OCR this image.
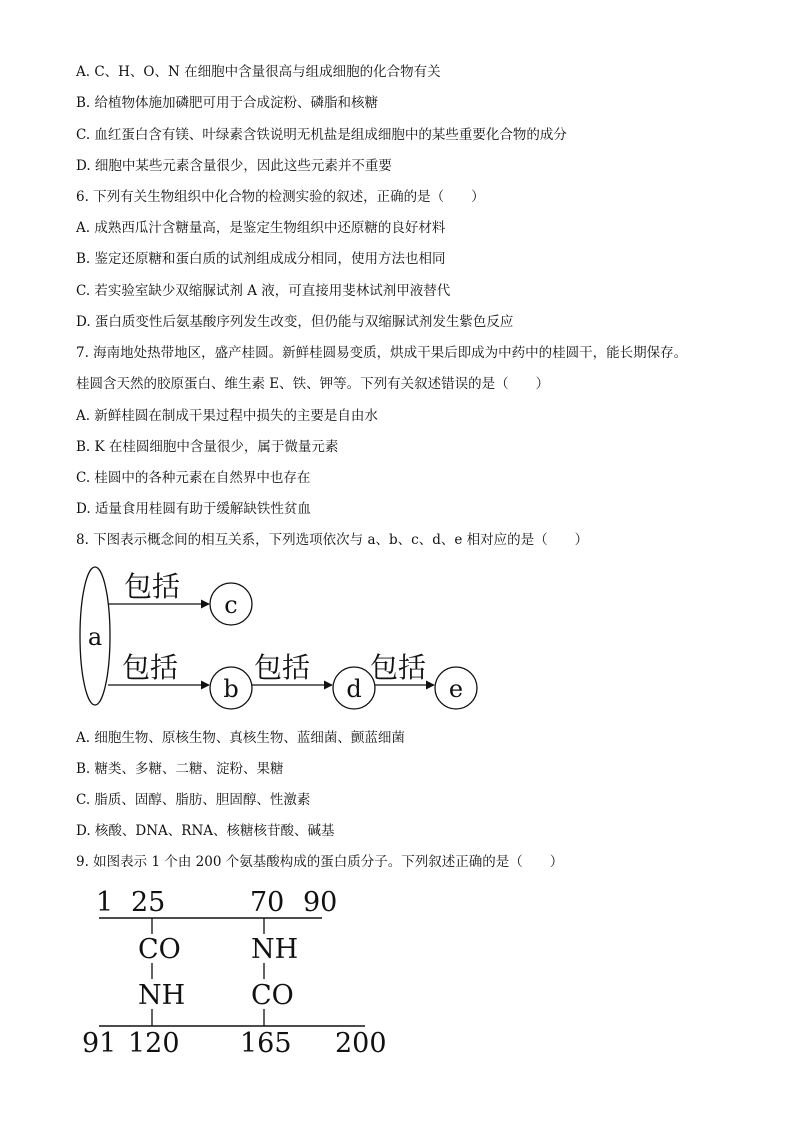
A. C、H、O、N 在细胞中含量很高与组成细胞的化合物有关
B. 给植物体施加磷肥可用于合成淀粉、磷脂和核糖
C. 血红蛋白含有镁、叶绿素含铁说明无机盐是组成细胞中的某些重要化合物的成分
D. 细胞中某些元素含量很少，因此这些元素并不重要
6. 下列有关生物组织中化合物的检测实验的叙述，正确的是（　　）
A. 成熟西瓜汁含糖量高，是鉴定生物组织中还原糖的良好材料
B. 鉴定还原糖和蛋白质的试剂组成成分相同，使用方法也相同
C. 若实验室缺少双缩脲试剂 A 液，可直接用斐林试剂甲液替代
D. 蛋白质变性后氨基酸序列发生改变，但仍能与双缩脲试剂发生紫色反应
7. 海南地处热带地区，盛产桂圆。新鲜桂圆易变质，烘成干果后即成为中药中的桂圆干，能长期保存。
桂圆含天然的胶原蛋白、维生素 E、铁、钾等。下列有关叙述错误的是（　　）
A. 新鲜桂圆在制成干果过程中损失的主要是自由水
B. K 在桂圆细胞中含量很少，属于微量元素
C. 桂圆中的各种元素在自然界中也存在
D. 适量食用桂圆有助于缓解缺铁性贫血
8. 下图表示概念间的相互关系，下列选项依次与 a、b、c、d、e 相对应的是（　　）
a
包括
c
包括
b
包括
d
包括
e
A. 细胞生物、原核生物、真核生物、蓝细菌、颤蓝细菌
B. 糖类、多糖、二糖、淀粉、果糖
C. 脂质、固醇、脂肪、胆固醇、性激素
D. 核酸、DNA、RNA、核糖核苷酸、碱基
9. 如图表示 1 个由 200 个氨基酸构成的蛋白质分子。下列叙述正确的是（　　）
1 25	70 90
CO
NH
NH
CO
91 120 165 200
